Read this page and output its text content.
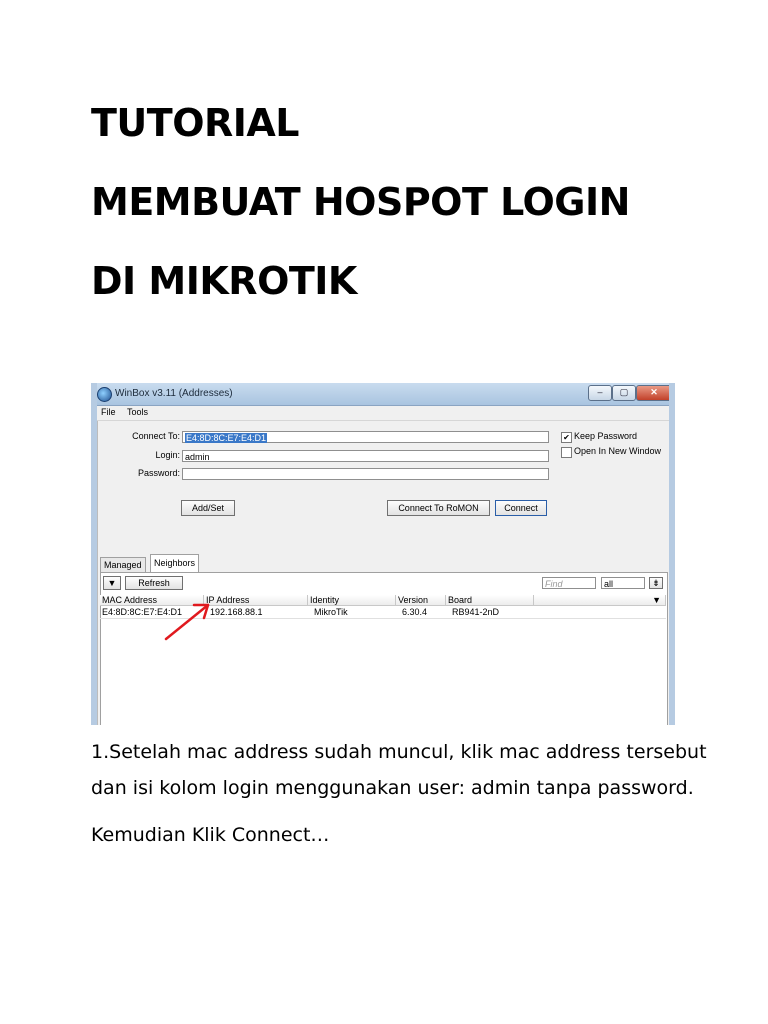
TUTORIAL
MEMBUAT HOSPOT LOGIN
DI MIKROTIK
WinBox v3.11 (Addresses)	–	▢	✕
File Tools
Connect To: E4:8D:8C:E7:E4:D1
Login: admin
Password:
✔ Keep Password
Open In New Window
Add/Set	Connect To RoMON	Connect
Managed	Neighbors
▼	Refresh	Find	all	⇟
MAC Address	IP Address	Identity	Version	Board	▼
E4:8D:8C:E7:E4:D1	192.168.88.1	MikroTik	6.30.4	RB941-2nD
1.Setelah mac address sudah muncul, klik mac address tersebut
dan isi kolom login menggunakan user: admin tanpa password.
Kemudian Klik Connect…
